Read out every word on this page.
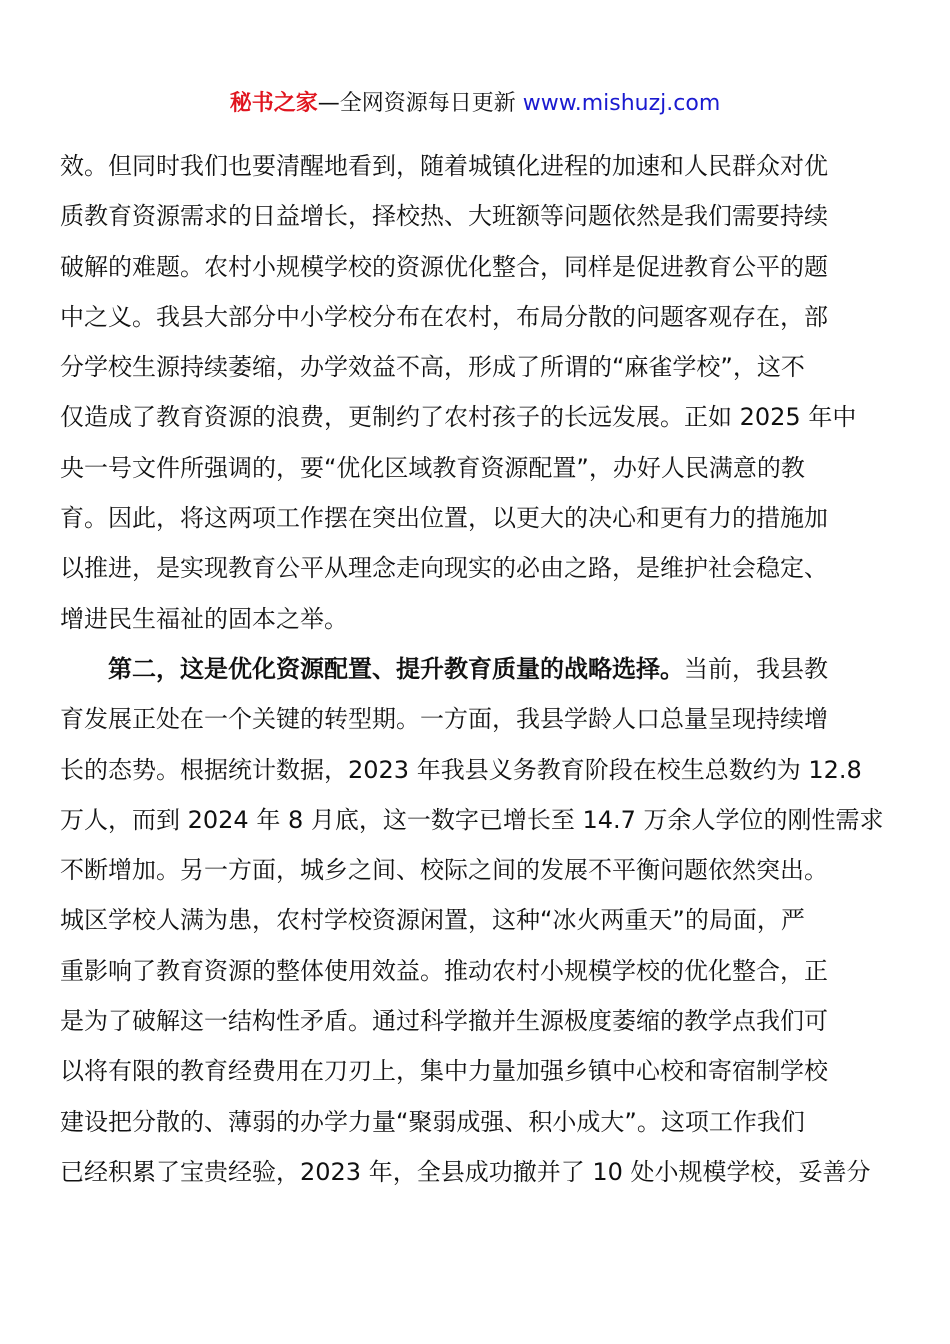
秘书之家—全网资源每日更新 www.mishuzj.com
效。但同时我们也要清醒地看到，随着城镇化进程的加速和人民群众对优
质教育资源需求的日益增长，择校热、大班额等问题依然是我们需要持续
破解的难题。农村小规模学校的资源优化整合，同样是促进教育公平的题
中之义。我县大部分中小学校分布在农村，布局分散的问题客观存在，部
分学校生源持续萎缩，办学效益不高，形成了所谓的“麻雀学校”，这不
仅造成了教育资源的浪费，更制约了农村孩子的长远发展。正如 2025 年中
央一号文件所强调的，要“优化区域教育资源配置”，办好人民满意的教
育。因此，将这两项工作摆在突出位置，以更大的决心和更有力的措施加
以推进，是实现教育公平从理念走向现实的必由之路，是维护社会稳定、
增进民生福祉的固本之举。
第二，这是优化资源配置、提升教育质量的战略选择。当前，我县教
育发展正处在一个关键的转型期。一方面，我县学龄人口总量呈现持续增
长的态势。根据统计数据，2023 年我县义务教育阶段在校生总数约为 12.8
万人，而到 2024 年 8 月底，这一数字已增长至 14.7 万余人学位的刚性需求
不断增加。另一方面，城乡之间、校际之间的发展不平衡问题依然突出。
城区学校人满为患，农村学校资源闲置，这种“冰火两重天”的局面，严
重影响了教育资源的整体使用效益。推动农村小规模学校的优化整合，正
是为了破解这一结构性矛盾。通过科学撤并生源极度萎缩的教学点我们可
以将有限的教育经费用在刀刃上，集中力量加强乡镇中心校和寄宿制学校
建设把分散的、薄弱的办学力量“聚弱成强、积小成大”。这项工作我们
已经积累了宝贵经验，2023 年，全县成功撤并了 10 处小规模学校，妥善分
